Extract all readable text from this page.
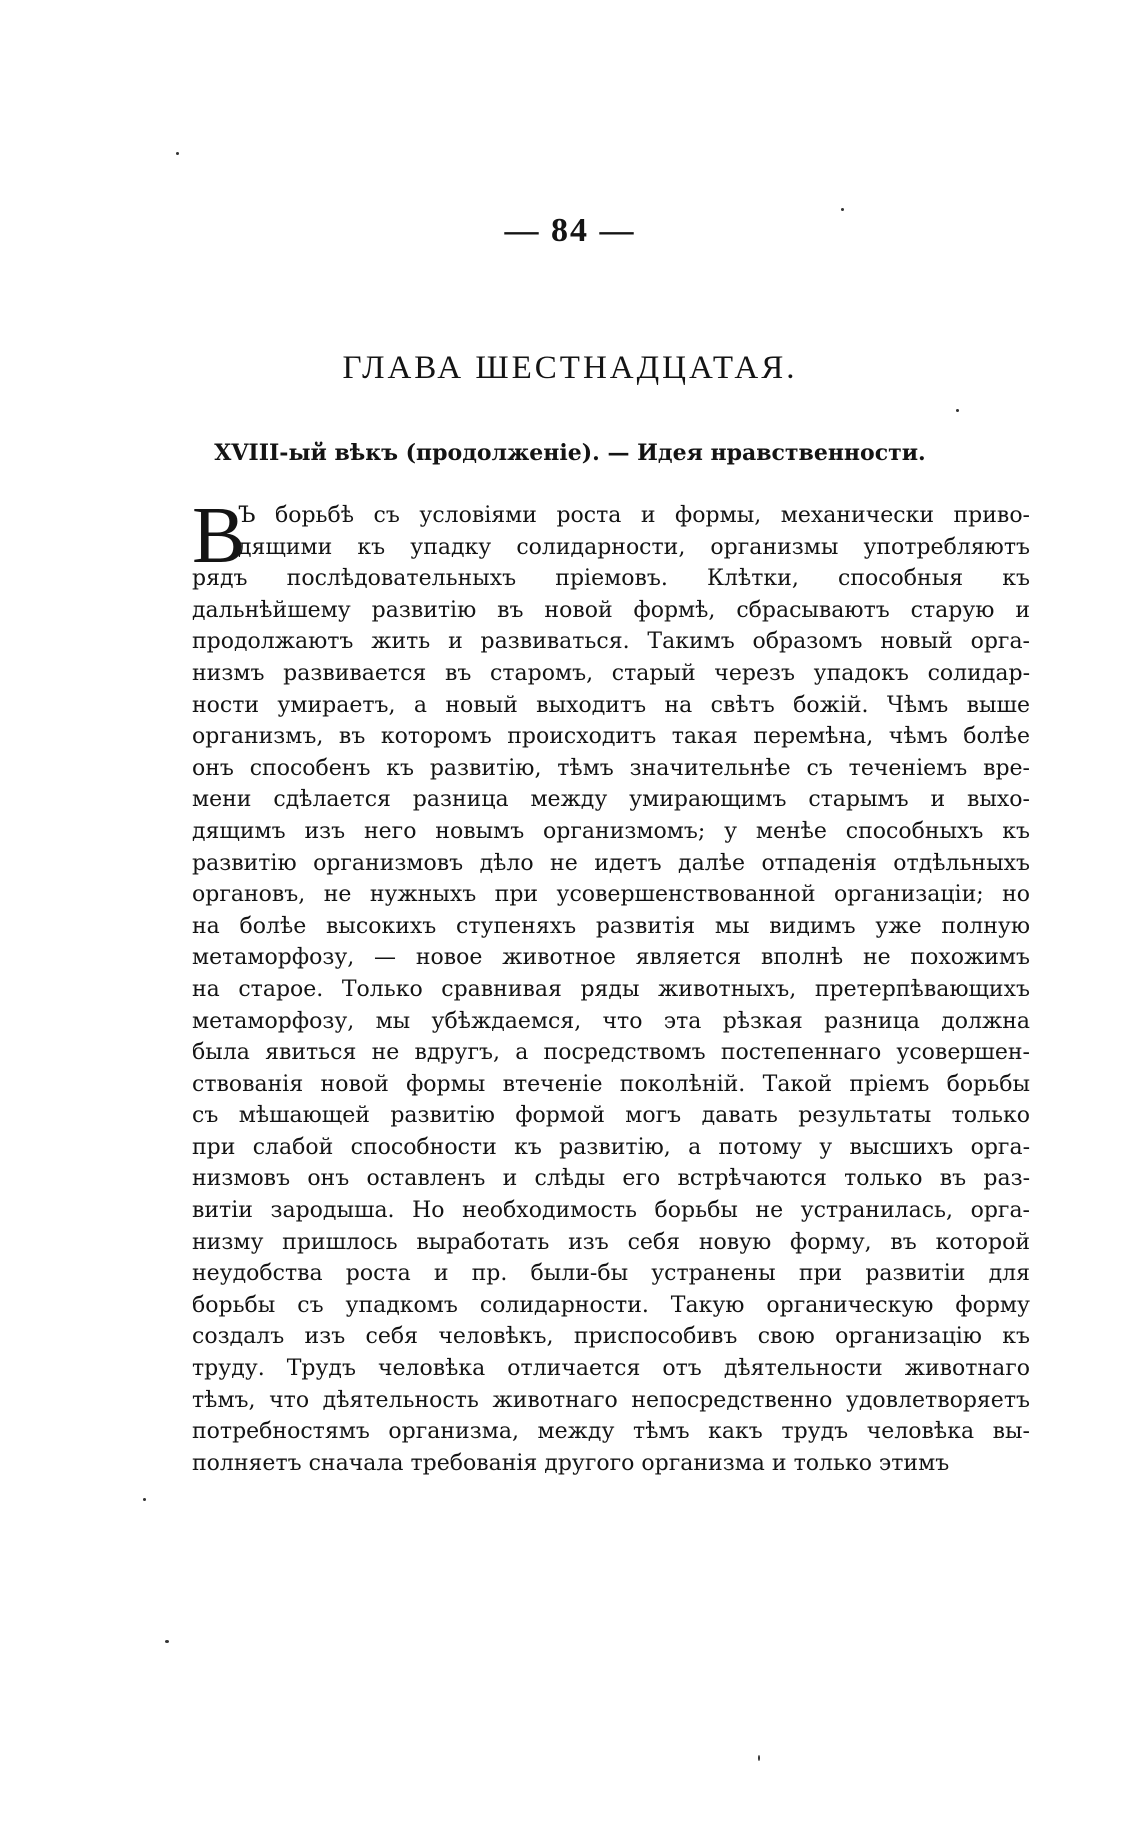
— 84 —
ГЛАВА ШЕСТНАДЦАТАЯ.
XVIII-ый вѣкъ (продолженіе). — Идея нравственности.
В
Ъ борьбѣ съ условіями роста и формы, механически приво-
дящими къ упадку солидарности, организмы употребляютъ
рядъ послѣдовательныхъ пріемовъ. Клѣтки, способныя къ
дальнѣйшему развитію въ новой формѣ, сбрасываютъ старую и
продолжаютъ жить и развиваться. Такимъ образомъ новый орга-
низмъ развивается въ старомъ, старый черезъ упадокъ солидар-
ности умираетъ, а новый выходитъ на свѣтъ божій. Чѣмъ выше
организмъ, въ которомъ происходитъ такая перемѣна, чѣмъ болѣе
онъ способенъ къ развитію, тѣмъ значительнѣе съ теченіемъ вре-
мени сдѣлается разница между умирающимъ старымъ и выхо-
дящимъ изъ него новымъ организмомъ; у менѣе способныхъ къ
развитію организмовъ дѣло не идетъ далѣе отпаденія отдѣльныхъ
органовъ, не нужныхъ при усовершенствованной организаціи; но
на болѣе высокихъ ступеняхъ развитія мы видимъ уже полную
метаморфозу, — новое животное является вполнѣ не похожимъ
на старое. Только сравнивая ряды животныхъ, претерпѣвающихъ
метаморфозу, мы убѣждаемся, что эта рѣзкая разница должна
была явиться не вдругъ, а посредствомъ постепеннаго усовершен-
ствованія новой формы втеченіе поколѣній. Такой пріемъ борьбы
съ мѣшающей развитію формой могъ давать результаты только
при слабой способности къ развитію, а потому у высшихъ орга-
низмовъ онъ оставленъ и слѣды его встрѣчаются только въ раз-
витіи зародыша. Но необходимость борьбы не устранилась, орга-
низму пришлось выработать изъ себя новую форму, въ которой
неудобства роста и пр. были-бы устранены при развитіи для
борьбы съ упадкомъ солидарности. Такую органическую форму
создалъ изъ себя человѣкъ, приспособивъ свою организацію къ
труду. Трудъ человѣка отличается отъ дѣятельности животнаго
тѣмъ, что дѣятельность животнаго непосредственно удовлетворяетъ
потребностямъ организма, между тѣмъ какъ трудъ человѣка вы-
полняетъ сначала требованія другого организма и только этимъ
